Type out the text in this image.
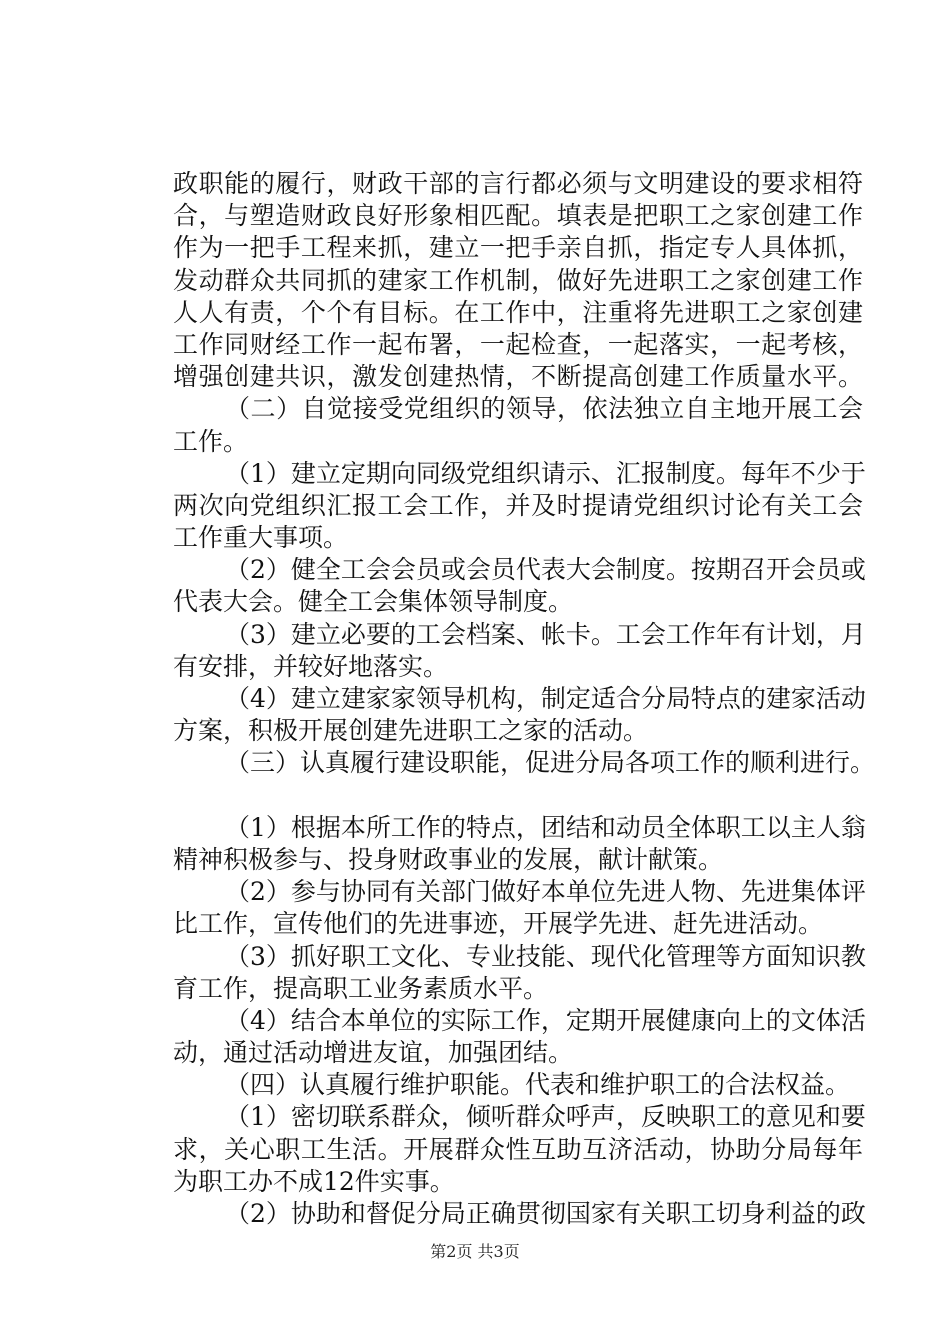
政职能的履行，财政干部的言行都必须与文明建设的要求相符
合，与塑造财政良好形象相匹配。填表是把职工之家创建工作
作为一把手工程来抓，建立一把手亲自抓，指定专人具体抓，
发动群众共同抓的建家工作机制，做好先进职工之家创建工作
人人有责，个个有目标。在工作中，注重将先进职工之家创建
工作同财经工作一起布署，一起检查，一起落实，一起考核，
增强创建共识，激发创建热情，不断提高创建工作质量水平。
（二）自觉接受党组织的领导，依法独立自主地开展工会
工作。
（1）建立定期向同级党组织请示、汇报制度。每年不少于
两次向党组织汇报工会工作，并及时提请党组织讨论有关工会
工作重大事项。
（2）健全工会会员或会员代表大会制度。按期召开会员或
代表大会。健全工会集体领导制度。
（3）建立必要的工会档案、帐卡。工会工作年有计划，月
有安排，并较好地落实。
（4）建立建家家领导机构，制定适合分局特点的建家活动
方案，积极开展创建先进职工之家的活动。
（三）认真履行建设职能，促进分局各项工作的顺利进行。
（1）根据本所工作的特点，团结和动员全体职工以主人翁
精神积极参与、投身财政事业的发展，献计献策。
（2）参与协同有关部门做好本单位先进人物、先进集体评
比工作，宣传他们的先进事迹，开展学先进、赶先进活动。
（3）抓好职工文化、专业技能、现代化管理等方面知识教
育工作，提高职工业务素质水平。
（4）结合本单位的实际工作，定期开展健康向上的文体活
动，通过活动增进友谊，加强团结。
（四）认真履行维护职能。代表和维护职工的合法权益。
（1）密切联系群众，倾听群众呼声，反映职工的意见和要
求，关心职工生活。开展群众性互助互济活动，协助分局每年
为职工办不成12件实事。
（2）协助和督促分局正确贯彻国家有关职工切身利益的政
第2页 共3页
